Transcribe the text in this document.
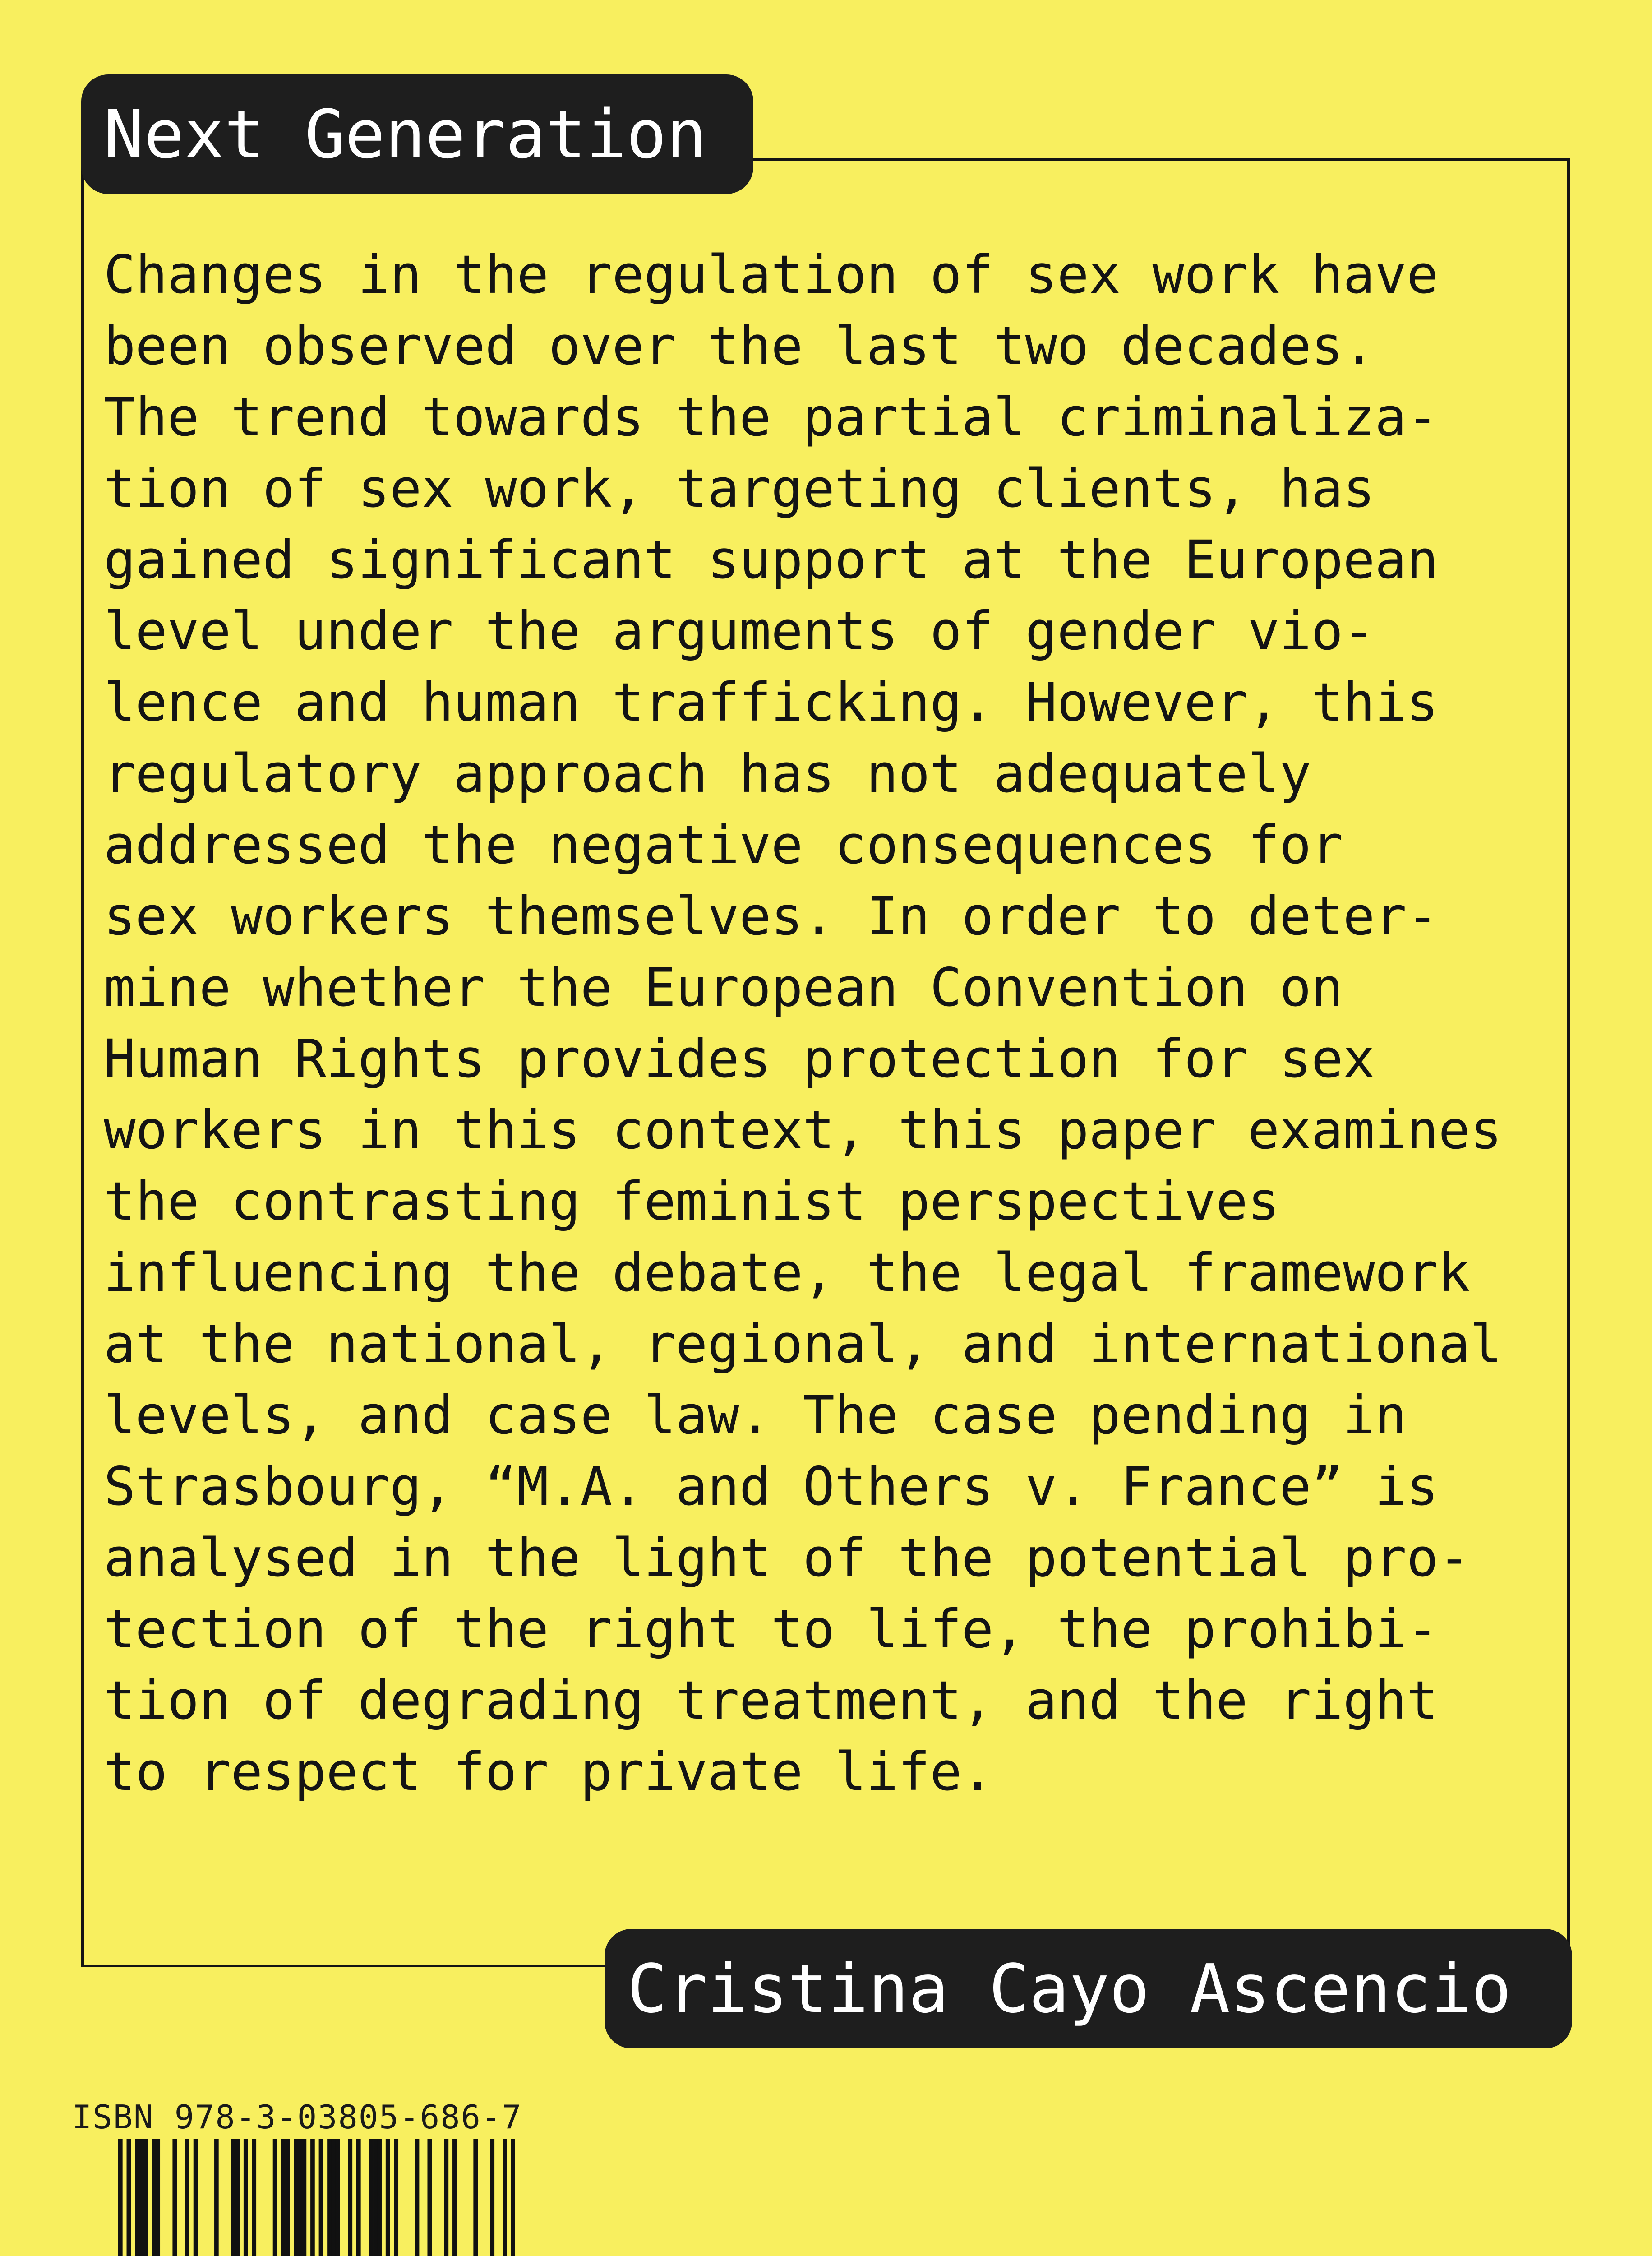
Next Generation
Changes in the regulation of sex work have
been observed over the last two decades.
The trend towards the partial criminaliza-
tion of sex work, targeting clients, has
gained significant support at the European
level under the arguments of gender vio-
lence and human trafficking. However, this
regulatory approach has not adequately
addressed the negative consequences for
sex workers themselves. In order to deter-
mine whether the European Convention on
Human Rights provides protection for sex
workers in this context, this paper examines
the contrasting feminist perspectives
influencing the debate, the legal framework
at the national, regional, and international
levels, and case law. The case pending in
Strasbourg, “M.A. and Others v. France” is
analysed in the light of the potential pro-
tection of the right to life, the prohibi-
tion of degrading treatment, and the right
to respect for private life.
Cristina Cayo Ascencio
ISBN 978-3-03805-686-7
